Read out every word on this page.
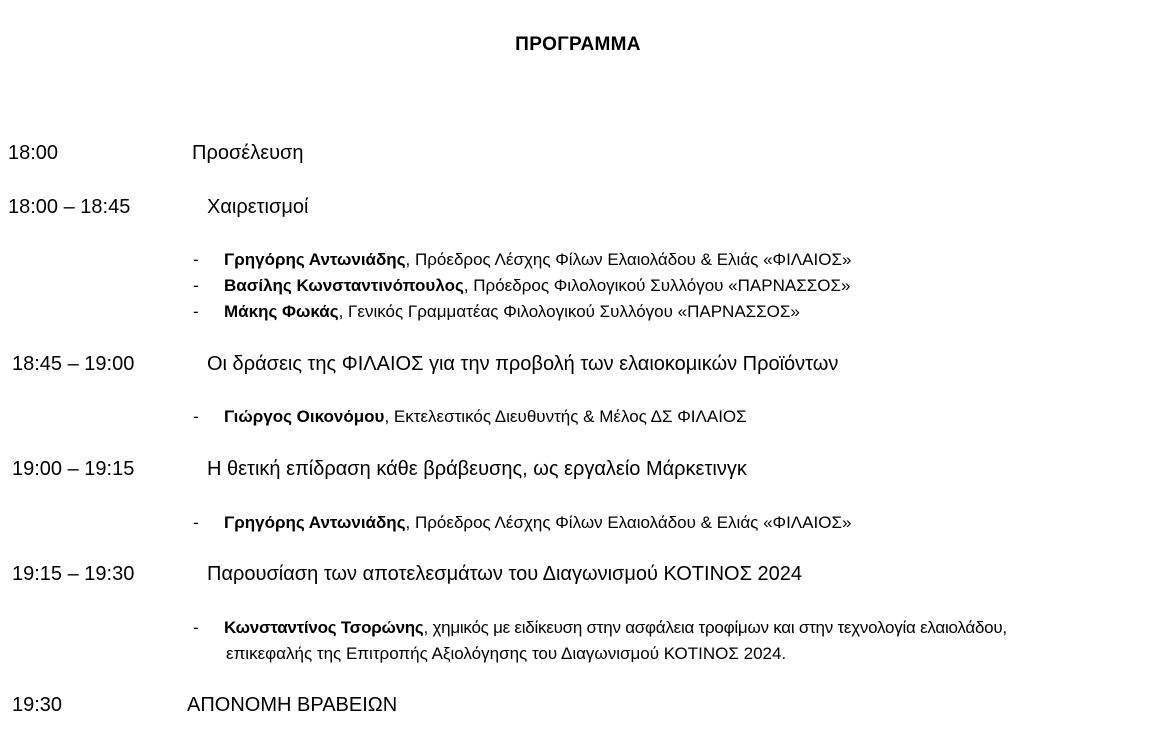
ΠΡΟΓΡΑΜΜΑ
18:00	Προσέλευση
18:00 – 18:45	Χαιρετισμοί
- Γρηγόρης Αντωνιάδης, Πρόεδρος Λέσχης Φίλων Ελαιολάδου & Ελιάς «ΦΙΛΑΙΟΣ»
- Βασίλης Κωνσταντινόπουλος, Πρόεδρος Φιλολογικού Συλλόγου «ΠΑΡΝΑΣΣΟΣ»
- Μάκης Φωκάς, Γενικός Γραμματέας Φιλολογικού Συλλόγου «ΠΑΡΝΑΣΣΟΣ»
18:45 – 19:00	Οι δράσεις της ΦΙΛΑΙΟΣ για την προβολή των ελαιοκομικών Προϊόντων
- Γιώργος Οικονόμου, Εκτελεστικός Διευθυντής & Μέλος ΔΣ ΦΙΛΑΙΟΣ
19:00 – 19:15	Η θετική επίδραση κάθε βράβευσης, ως εργαλείο Μάρκετινγκ
- Γρηγόρης Αντωνιάδης, Πρόεδρος Λέσχης Φίλων Ελαιολάδου & Ελιάς «ΦΙΛΑΙΟΣ»
19:15 – 19:30	Παρουσίαση των αποτελεσμάτων του Διαγωνισμού ΚΟΤΙΝΟΣ 2024
- Κωνσταντίνος Τσορώνης, χημικός με ειδίκευση στην ασφάλεια τροφίμων και στην τεχνολογία ελαιολάδου,
επικεφαλής της Επιτροπής Αξιολόγησης του Διαγωνισμού ΚΟΤΙΝΟΣ 2024.
19:30	ΑΠΟΝΟΜΗ ΒΡΑΒΕΙΩΝ
